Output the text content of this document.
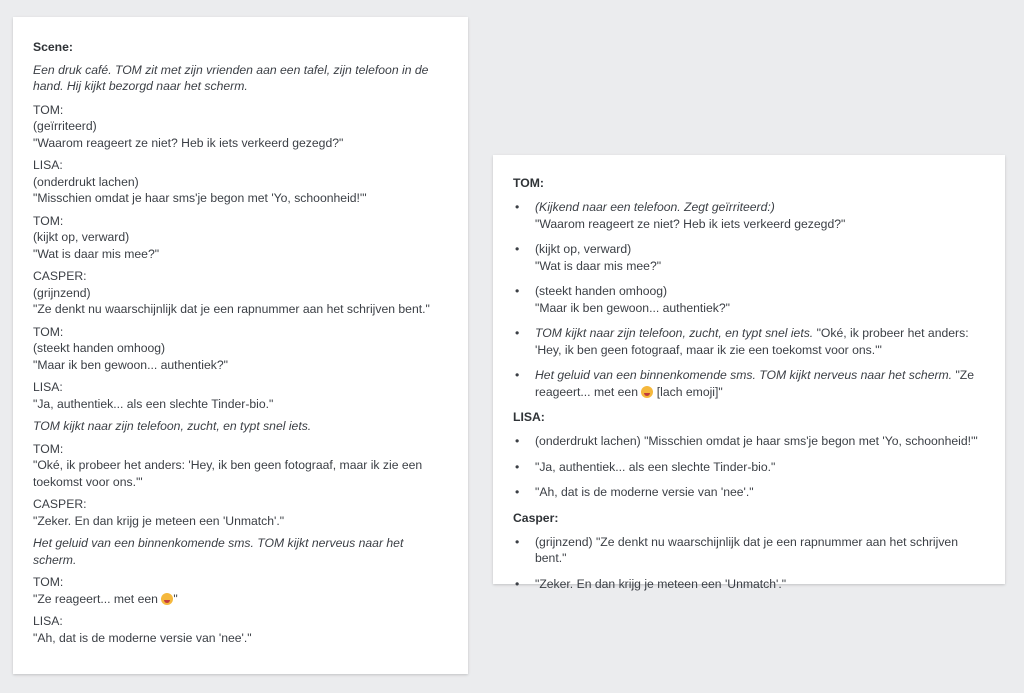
Scene:

Een druk café. TOM zit met zijn vrienden aan een tafel, zijn telefoon in de hand. Hij kijkt bezorgd naar het scherm.

TOM:

(geïrriteerd)

"Waarom reageert ze niet? Heb ik iets verkeerd gezegd?"

LISA:

(onderdrukt lachen)

"Misschien omdat je haar sms'je begon met 'Yo, schoonheid!'"

TOM:

(kijkt op, verward)

"Wat is daar mis mee?"

CASPER:

(grijnzend)

"Ze denkt nu waarschijnlijk dat je een rapnummer aan het schrijven bent."

TOM:

(steekt handen omhoog)

"Maar ik ben gewoon... authentiek?"

LISA:

"Ja, authentiek... als een slechte Tinder-bio."

TOM kijkt naar zijn telefoon, zucht, en typt snel iets.

TOM:

"Oké, ik probeer het anders: 'Hey, ik ben geen fotograaf, maar ik zie een toekomst voor ons.'"

CASPER:

"Zeker. En dan krijg je meteen een 'Unmatch'."

Het geluid van een binnenkomende sms. TOM kijkt nerveus naar het scherm.

TOM:

"Ze reageert... met een "

LISA:

"Ah, dat is de moderne versie van 'nee'."

TOM:
• (Kijkend naar een telefoon. Zegt geïrriteerd:)
"Waarom reageert ze niet? Heb ik iets verkeerd gezegd?"
• (kijkt op, verward)
"Wat is daar mis mee?"
• (steekt handen omhoog)
"Maar ik ben gewoon... authentiek?"
• TOM kijkt naar zijn telefoon, zucht, en typt snel iets. "Oké, ik probeer het anders: 'Hey, ik ben geen fotograaf, maar ik zie een toekomst voor ons.'"
• Het geluid van een binnenkomende sms. TOM kijkt nerveus naar het scherm. "Ze reageert... met een  [lach emoji]"
LISA:
• (onderdrukt lachen) "Misschien omdat je haar sms'je begon met 'Yo, schoonheid!'"
• "Ja, authentiek... als een slechte Tinder-bio."
• "Ah, dat is de moderne versie van 'nee'."
Casper:
• (grijnzend) "Ze denkt nu waarschijnlijk dat je een rapnummer aan het schrijven bent."
• "Zeker. En dan krijg je meteen een 'Unmatch'."
